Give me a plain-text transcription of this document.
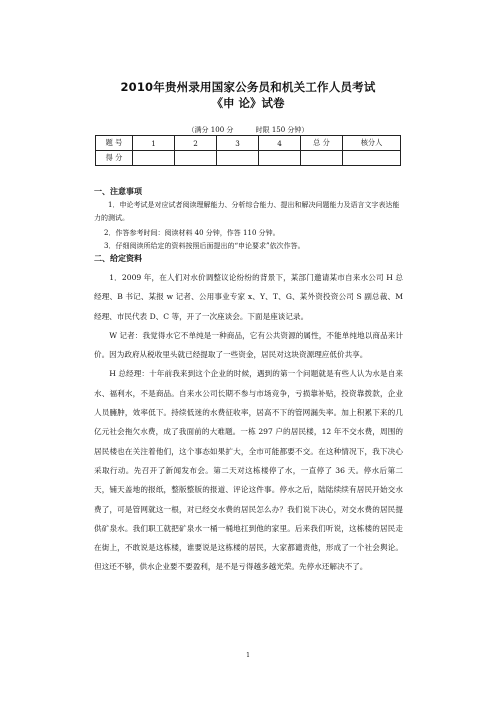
2010年贵州录用国家公务员和机关工作人员考试
《申 论》试卷
（满分 100 分          时限 150 分钟）
题 号	1	2	3	4	总 分	核分人
得 分						
一、注意事项
1．申论考试是对应试者阅读理解能力、分析综合能力、提出和解决问题能力及语言文字表达能力的测试。
2．作答参考时间：阅读材料 40 分钟，作答 110 分钟。
3．仔细阅读所给定的资料按照后面提出的“申论要求”依次作答。
二、给定资料

1．2009 年，在人们对水价调整议论纷纷的背景下，某部门邀请某市自来水公司 H 总经理、B 书记、某报 w 记者、公用事业专家 x、Y、T、G、某外资投资公司 S 副总裁、M 经理、市民代表 D、C 等，开了一次座谈会。下面是座谈记录。

W 记者：我觉得水它不单纯是一种商品，它有公共资源的属性，不能单纯地以商品来计价。因为政府从税收里头就已经提取了一些资金，居民对这块资源理应低价共享。

H 总经理：十年前我来到这个企业的时候，遇到的第一个问题就是有些人认为水是自来水、福利水，不是商品。自来水公司长期不参与市场竞争，亏损靠补贴，投资靠拨款，企业人员臃肿，效率低下。持续低迷的水费征收率，居高不下的管网漏失率。加上积累下来的几亿元社会拖欠水费，成了我面前的大难题。一栋 297 户的居民楼，12 年不交水费，周围的居民楼也在关注着他们，这个事态如果扩大，全市可能都要不交。在这种情况下，我下决心采取行动。先召开了新闻发布会。第二天对这栋楼停了水，一直停了 36 天。停水后第二天，铺天盖地的报纸，整版整版的报道、评论这件事。停水之后，陆陆续续有居民开始交水费了，可是管网就这一根，对已经交水费的居民怎么办？我们说下决心，对交水费的居民提供矿泉水。我们职工就把矿泉水一桶一桶地扛到他的家里。后来我们听说，这栋楼的居民走在街上，不敢说是这栋楼，谁要说是这栋楼的居民，大家都谴责他，形成了一个社会舆论。但这还不够，供水企业要不要盈利，是不是亏得越多越光荣。先停水还解决不了。

1
